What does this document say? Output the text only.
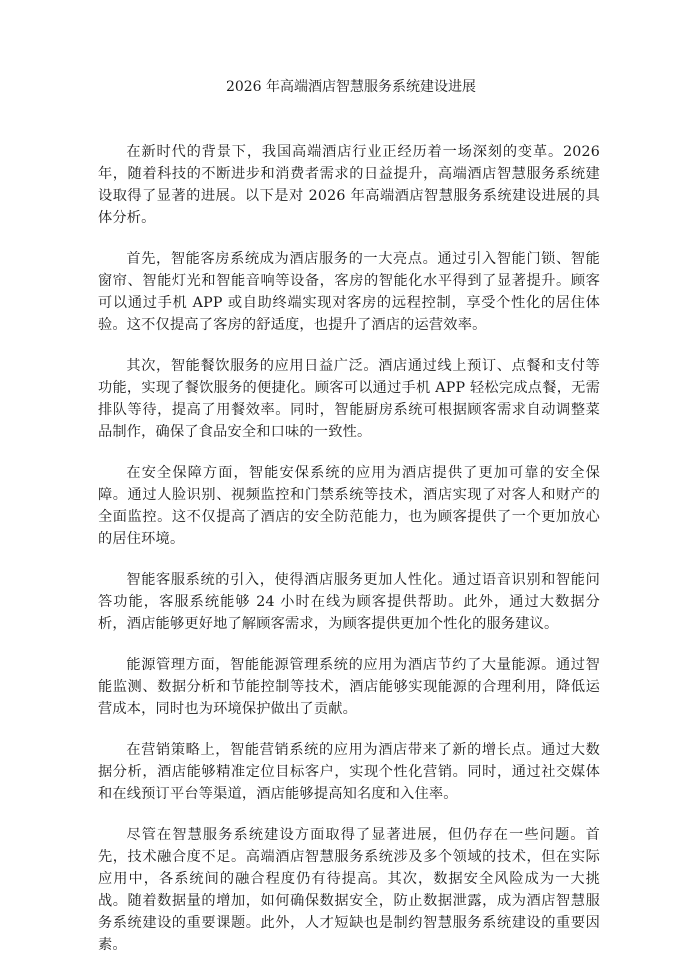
2026 年高端酒店智慧服务系统建设进展

在新时代的背景下，我国高端酒店行业正经历着一场深刻的变革。2026 年，随着科技的不断进步和消费者需求的日益提升，高端酒店智慧服务系统建设取得了显著的进展。以下是对 2026 年高端酒店智慧服务系统建设进展的具体分析。

首先，智能客房系统成为酒店服务的一大亮点。通过引入智能门锁、智能窗帘、智能灯光和智能音响等设备，客房的智能化水平得到了显著提升。顾客可以通过手机 APP 或自助终端实现对客房的远程控制，享受个性化的居住体验。这不仅提高了客房的舒适度，也提升了酒店的运营效率。

其次，智能餐饮服务的应用日益广泛。酒店通过线上预订、点餐和支付等功能，实现了餐饮服务的便捷化。顾客可以通过手机 APP 轻松完成点餐，无需排队等待，提高了用餐效率。同时，智能厨房系统可根据顾客需求自动调整菜品制作，确保了食品安全和口味的一致性。

在安全保障方面，智能安保系统的应用为酒店提供了更加可靠的安全保障。通过人脸识别、视频监控和门禁系统等技术，酒店实现了对客人和财产的全面监控。这不仅提高了酒店的安全防范能力，也为顾客提供了一个更加放心的居住环境。

智能客服系统的引入，使得酒店服务更加人性化。通过语音识别和智能问答功能，客服系统能够 24 小时在线为顾客提供帮助。此外，通过大数据分析，酒店能够更好地了解顾客需求，为顾客提供更加个性化的服务建议。

能源管理方面，智能能源管理系统的应用为酒店节约了大量能源。通过智能监测、数据分析和节能控制等技术，酒店能够实现能源的合理利用，降低运营成本，同时也为环境保护做出了贡献。

在营销策略上，智能营销系统的应用为酒店带来了新的增长点。通过大数据分析，酒店能够精准定位目标客户，实现个性化营销。同时，通过社交媒体和在线预订平台等渠道，酒店能够提高知名度和入住率。

尽管在智慧服务系统建设方面取得了显著进展，但仍存在一些问题。首先，技术融合度不足。高端酒店智慧服务系统涉及多个领域的技术，但在实际应用中，各系统间的融合程度仍有待提高。其次，数据安全风险成为一大挑战。随着数据量的增加，如何确保数据安全，防止数据泄露，成为酒店智慧服务系统建设的重要课题。此外，人才短缺也是制约智慧服务系统建设的重要因素。
